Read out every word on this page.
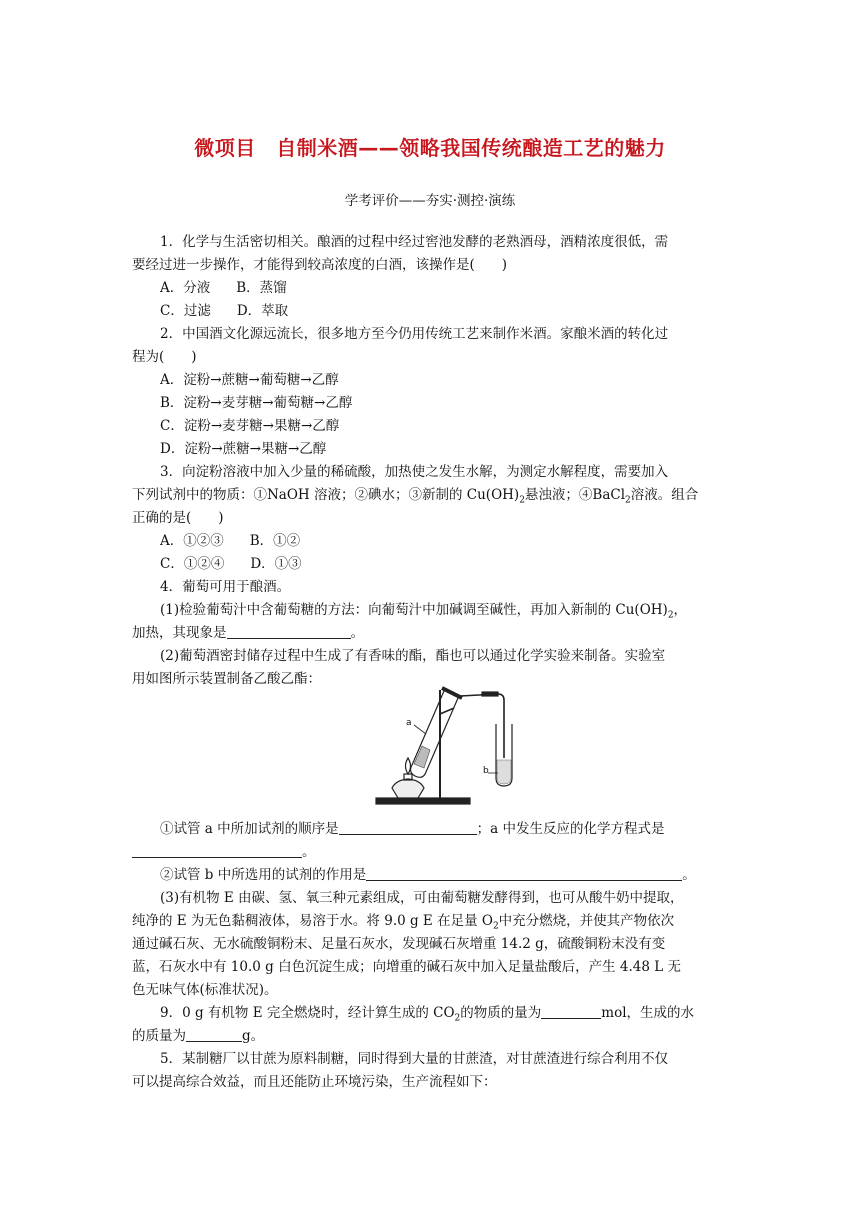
微项目　自制米酒——领略我国传统酿造工艺的魅力
学考评价——夯实·测控·演练
1．化学与生活密切相关。酿酒的过程中经过窖池发酵的老熟酒母，酒精浓度很低，需
要经过进一步操作，才能得到较高浓度的白酒，该操作是(　　)
A．分液 B．蒸馏
C．过滤 D．萃取
2．中国酒文化源远流长，很多地方至今仍用传统工艺来制作米酒。家酿米酒的转化过
程为(　　)
A．淀粉→蔗糖→葡萄糖→乙醇
B．淀粉→麦芽糖→葡萄糖→乙醇
C．淀粉→麦芽糖→果糖→乙醇
D．淀粉→蔗糖→果糖→乙醇
3．向淀粉溶液中加入少量的稀硫酸，加热使之发生水解，为测定水解程度，需要加入
下列试剂中的物质：①NaOH 溶液；②碘水；③新制的 $Cu(OH)_2$悬浊液；④BaCl$_2$溶液。组合
正确的是(　　)
A．①②③ B．①②
C．①②④ D．①③
4．葡萄可用于酿酒。
(1)检验葡萄汁中含葡萄糖的方法：向葡萄汁中加碱调至碱性，再加入新制的 $Cu(OH)_2$，
加热，其现象是	。
(2)葡萄酒密封储存过程中生成了有香味的酯，酯也可以通过化学实验来制备。实验室
用如图所示装置制备乙酸乙酯：
a
b
①试管 a 中所加试剂的顺序是	；a 中发生反应的化学方程式是
。
②试管 b 中所选用的试剂的作用是	。
(3)有机物 E 由碳、氢、氧三种元素组成，可由葡萄糖发酵得到，也可从酸牛奶中提取，
纯净的 E 为无色黏稠液体，易溶于水。将 9.0 g E 在足量 $O_2$中充分燃烧，并使其产物依次
通过碱石灰、无水硫酸铜粉末、足量石灰水，发现碱石灰增重 14.2 g，硫酸铜粉末没有变
蓝，石灰水中有 10.0 g 白色沉淀生成；向增重的碱石灰中加入足量盐酸后，产生 4.48 L 无
色无味气体(标准状况)。
9．0 g 有机物 E 完全燃烧时，经计算生成的 $CO_2$的物质的量为	mol，生成的水
的质量为	g。
5．某制糖厂以甘蔗为原料制糖，同时得到大量的甘蔗渣，对甘蔗渣进行综合利用不仅
可以提高综合效益，而且还能防止环境污染，生产流程如下：
